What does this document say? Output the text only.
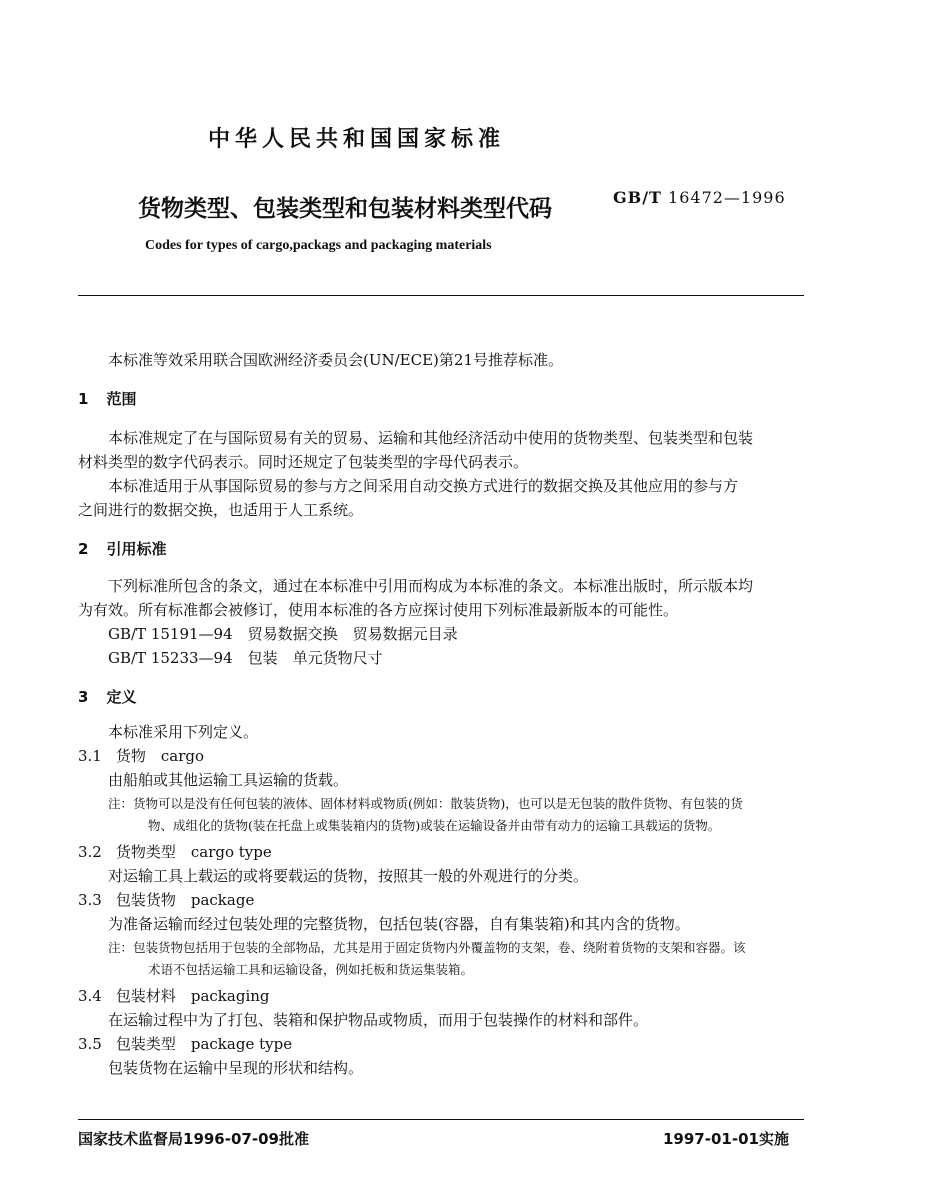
中华人民共和国国家标准
货物类型、包装类型和包装材料类型代码	GB/T 16472—1996
Codes for types of cargo,packags and packaging materials
本标准等效采用联合国欧洲经济委员会(UN/ECE)第21号推荐标准。
1 范围
本标准规定了在与国际贸易有关的贸易、运输和其他经济活动中使用的货物类型、包装类型和包装
材料类型的数字代码表示。同时还规定了包装类型的字母代码表示。
本标准适用于从事国际贸易的参与方之间采用自动交换方式进行的数据交换及其他应用的参与方
之间进行的数据交换，也适用于人工系统。
2 引用标准
下列标准所包含的条文，通过在本标准中引用而构成为本标准的条文。本标准出版时，所示版本均
为有效。所有标准都会被修订，使用本标准的各方应探讨使用下列标准最新版本的可能性。
GB/T 15191—94　贸易数据交换　贸易数据元目录
GB/T 15233—94　包装　单元货物尺寸
3 定义
本标准采用下列定义。
3.1 货物　cargo
由船舶或其他运输工具运输的货载。
注：货物可以是没有任何包装的液体、固体材料或物质(例如：散装货物)，也可以是无包装的散件货物、有包装的货
物、成组化的货物(装在托盘上或集装箱内的货物)或装在运输设备并由带有动力的运输工具载运的货物。
3.2 货物类型　cargo type
对运输工具上载运的或将要载运的货物，按照其一般的外观进行的分类。
3.3 包装货物　package
为准备运输而经过包装处理的完整货物，包括包装(容器，自有集装箱)和其内含的货物。
注：包装货物包括用于包装的全部物品，尤其是用于固定货物内外覆盖物的支架，卷、绕附着货物的支架和容器。该
术语不包括运输工具和运输设备，例如托板和货运集装箱。
3.4 包装材料　packaging
在运输过程中为了打包、装箱和保护物品或物质，而用于包装操作的材料和部件。
3.5 包装类型　package type
包装货物在运输中呈现的形状和结构。
国家技术监督局1996-07-09批准	1997-01-01实施
